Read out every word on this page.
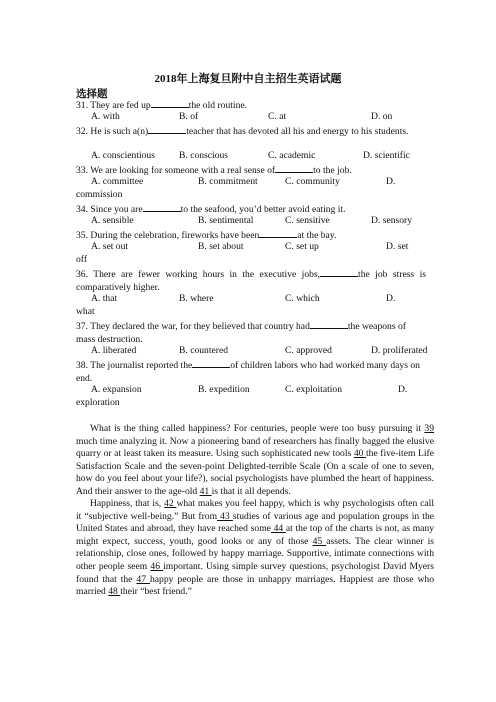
2018年上海复旦附中自主招生英语试题
选择题
31. They are fed up	the old routine.
A. with	B. of	C. at	D. on
32. He is such a(n)	teacher that has devoted all his and energy to his students.
A. conscientious	B. conscious	C. academic	D. scientific
33. We are looking for someone with a real sense of	to the job.
A. committee	B. commitment	C. community	D.
commission
34. Since you are	to the seafood, you’d better avoid eating it.
A. sensible	B. sentimental	C. sensitive	D. sensory
35. During the celebration, fireworks have been	at the bay.
A. set out	B. set about	C. set up	D. set
off
36. There are fewer working hours in the executive jobs,	the job stress is comparatively higher.
A. that	B. where	C. which	D.
what
37. They declared the war, for they believed that country had	the weapons of mass destruction.
A. liberated	B. countered	C. approved	D. proliferated
38. The journalist reported the	of children labors who had worked many days on end.
A. expansion	B. expedition	C. exploitation	D.
exploration

What is the thing called happiness? For centuries, people were too busy pursuing it 39 much time analyzing it. Now a pioneering band of researchers has finally bagged the elusive quarry or at least taken its measure. Using such sophisticated new tools 40 the five-item Life Satisfaction Scale and the seven-point Delighted-terrible Scale (On a scale of one to seven, how do you feel about your life?), social psychologists have plumbed the heart of happiness. And their answer to the age-old 41 is that it all depends.

Happiness, that is, 42 what makes you feel happy, which is why psychologists often call it “subjective well-being.” But from 43 studies of various age and population groups in the United States and abroad, they have reached some 44 at the top of the charts is not, as many might expect, success, youth, good looks or any of those 45 assets. The clear winner is relationship, close ones, followed by happy marriage. Supportive, intimate connections with other people seem 46 important. Using simple survey questions, psychologist David Myers found that the 47 happy people are those in unhappy marriages. Happiest are those who married 48 their “best friend.”
